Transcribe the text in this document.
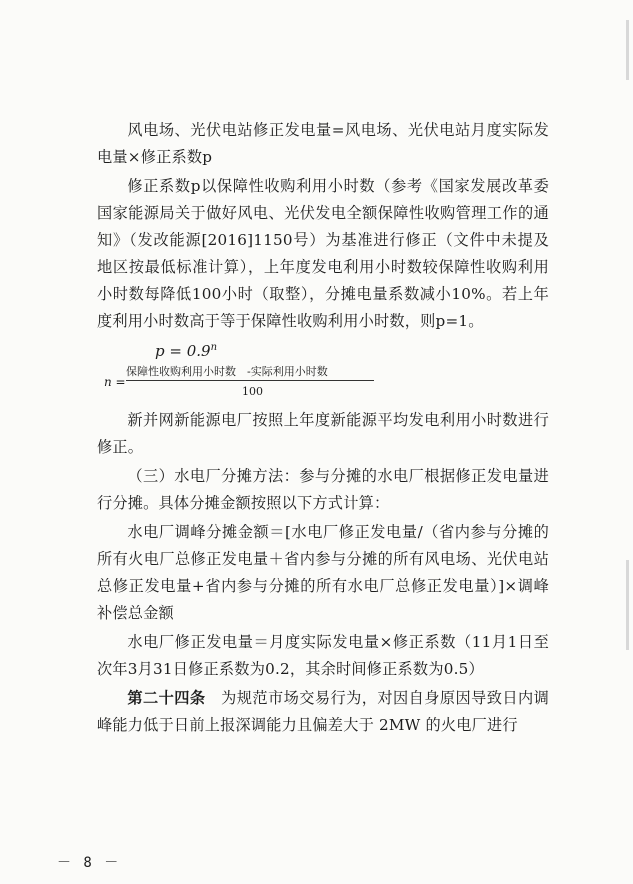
风电场、光伏电站修正发电量=风电场、光伏电站月度实际发电量×修正系数p

修正系数p以保障性收购利用小时数（参考《国家发展改革委国家能源局关于做好风电、光伏发电全额保障性收购管理工作的通知》（发改能源[2016]1150号）为基准进行修正（文件中未提及地区按最低标准计算），上年度发电利用小时数较保障性收购利用小时数每降低100小时（取整），分摊电量系数减小10%。若上年度利用小时数高于等于保障性收购利用小时数，则p=1。

$p = 0.9^n$
n =
保障性收购利用小时数　-实际利用小时数
100

新并网新能源电厂按照上年度新能源平均发电利用小时数进行修正。

（三）水电厂分摊方法：参与分摊的水电厂根据修正发电量进行分摊。具体分摊金额按照以下方式计算：

水电厂调峰分摊金额＝[水电厂修正发电量/（省内参与分摊的所有火电厂总修正发电量＋省内参与分摊的所有风电场、光伏电站总修正发电量+省内参与分摊的所有水电厂总修正发电量）]×调峰补偿总金额

水电厂修正发电量＝月度实际发电量×修正系数（11月1日至次年3月31日修正系数为0.2，其余时间修正系数为0.5）

第二十四条　 为规范市场交易行为，对因自身原因导致日内调峰能力低于日前上报深调能力且偏差大于 2MW 的火电厂进行

－ 8 －
